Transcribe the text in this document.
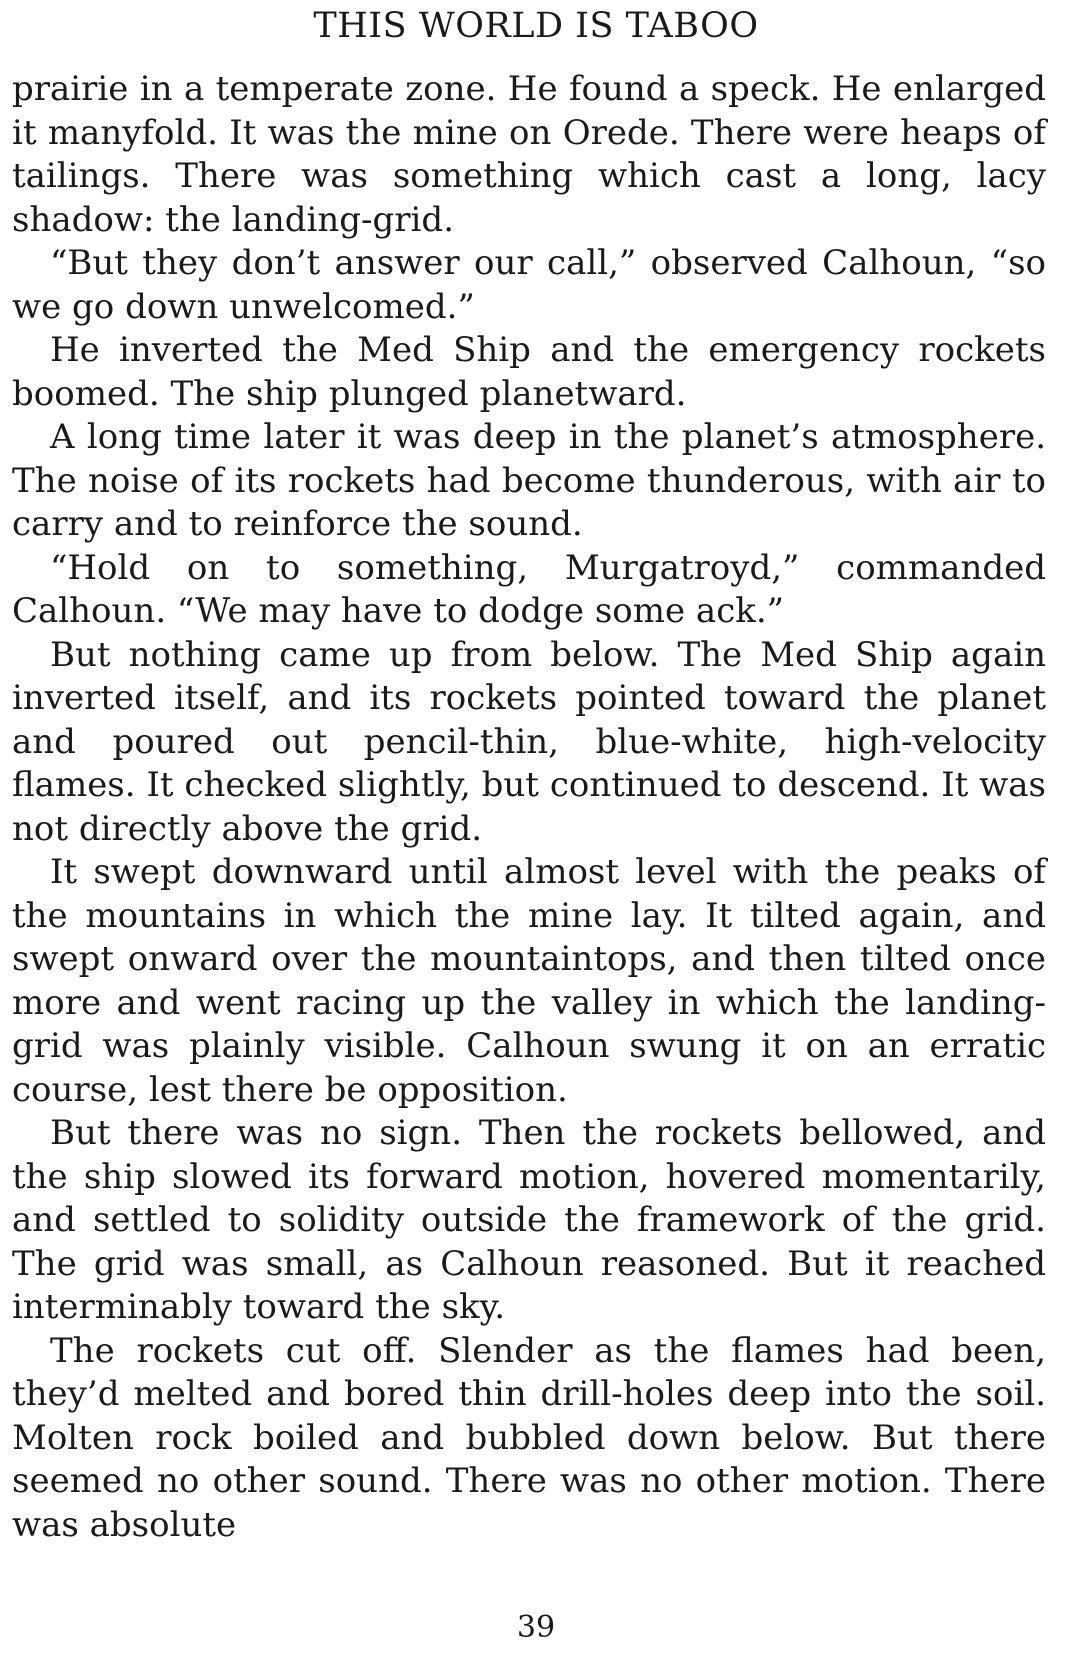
THIS WORLD IS TABOO

prairie in a temperate zone. He found a speck. He enlarged it manyfold. It was the mine on Orede. There were heaps of tailings. There was something which cast a long, lacy shadow: the landing-grid.

“But they don’t answer our call,” observed Calhoun, “so we go down unwelcomed.”

He inverted the Med Ship and the emergency rockets boomed. The ship plunged planetward.

A long time later it was deep in the planet’s atmosphere. The noise of its rockets had become thunderous, with air to carry and to reinforce the sound.

“Hold on to something, Murgatroyd,” commanded Calhoun. “We may have to dodge some ack.”

But nothing came up from below. The Med Ship again inverted itself, and its rockets pointed toward the planet and poured out pencil-thin, blue-white, high-velocity flames. It checked slightly, but continued to descend. It was not directly above the grid.

It swept downward until almost level with the peaks of the mountains in which the mine lay. It tilted again, and swept onward over the mountaintops, and then tilted once more and went racing up the valley in which the landing-grid was plainly visible. Calhoun swung it on an erratic course, lest there be opposition.

But there was no sign. Then the rockets bellowed, and the ship slowed its forward motion, hovered momentarily, and settled to solidity outside the framework of the grid. The grid was small, as Calhoun reasoned. But it reached interminably toward the sky.

The rockets cut off. Slender as the flames had been, they’d melted and bored thin drill-holes deep into the soil. Molten rock boiled and bubbled down below. But there seemed no other sound. There was no other motion. There was absolute

39
